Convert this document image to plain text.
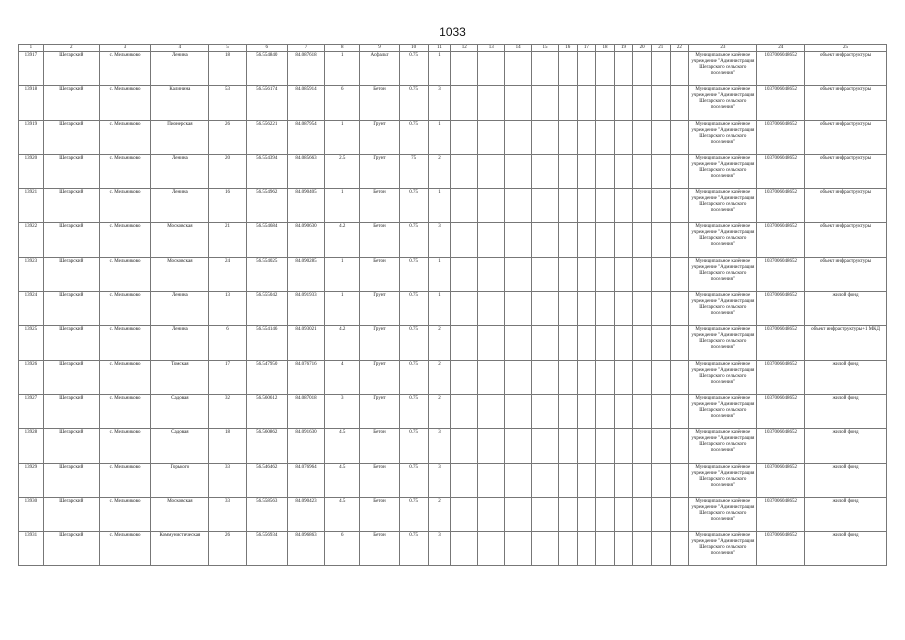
1033
1	2	3	4	5	6	7	8	9	10	11	12	13	14	15	16	17	18	19	20	21	22	23	24	25
13917	Шегарский	с. Мельниково	Ленина	18	56.554840	84.087618	1	Асфальт	0.75	1												Муниципальное казённое учреждение "Администрация Шегарского сельского поселения"	1037006048652	объект инфраструктуры
13918	Шегарский	с. Мельниково	Калинина	53	56.556174	84.085914	6	Бетон	0.75	3												Муниципальное казённое учреждение "Администрация Шегарского сельского поселения"	1037006048652	объект инфраструктуры
13919	Шегарский	с. Мельниково	Пионерская	26	56.556221	84.087954	1	Грунт	0.75	1												Муниципальное казённое учреждение "Администрация Шегарского сельского поселения"	1037006048652	объект инфраструктуры
13920	Шегарский	с. Мельниково	Ленина	20	56.554394	84.085663	2.5	Грунт	75	2												Муниципальное казённое учреждение "Администрация Шегарского сельского поселения"	1037006048652	объект инфраструктуры
13921	Шегарский	с. Мельниково	Ленина	16	56.554962	84.090405	1	Бетон	0.75	1												Муниципальное казённое учреждение "Администрация Шегарского сельского поселения"	1037006048652	объект инфраструктуры
13922	Шегарский	с. Мельниково	Московская	21	56.554684	84.090630	4.2	Бетон	0.75	3												Муниципальное казённое учреждение "Администрация Шегарского сельского поселения"	1037006048652	объект инфраструктуры
13923	Шегарский	с. Мельниково	Московская	24	56.554025	84.090285	1	Бетон	0.75	1												Муниципальное казённое учреждение "Администрация Шегарского сельского поселения"	1037006048652	объект инфраструктуры
13924	Шегарский	с. Мельниково	Ленина	13	56.555042	84.091933	1	Грунт	0.75	1												Муниципальное казённое учреждение "Администрация Шегарского сельского поселения"	1037006048652	жилой фонд
13925	Шегарский	с. Мельниково	Ленина	6	56.554146	84.093021	4.2	Грунт	0.75	2												Муниципальное казённое учреждение "Администрация Шегарского сельского поселения"	1037006048652	объект инфраструктуры+1 МКД
13926	Шегарский	с. Мельниково	Томская	17	56.547950	84.076716	4	Грунт	0.75	2												Муниципальное казённое учреждение "Администрация Шегарского сельского поселения"	1037006048652	жилой фонд
13927	Шегарский	с. Мельниково	Садовая	32	56.560612	84.087018	3	Грунт	0.75	2												Муниципальное казённое учреждение "Администрация Шегарского сельского поселения"	1037006048652	жилой фонд
13928	Шегарский	с. Мельниково	Садовая	18	56.560862	84.091630	4.5	Бетон	0.75	3												Муниципальное казённое учреждение "Администрация Шегарского сельского поселения"	1037006048652	жилой фонд
13929	Шегарский	с. Мельниково	Горького	33	56.546462	84.076964	4.5	Бетон	0.75	3												Муниципальное казённое учреждение "Администрация Шегарского сельского поселения"	1037006048652	жилой фонд
13930	Шегарский	с. Мельниково	Московская	33	56.558563	84.090423	4.5	Бетон	0.75	2												Муниципальное казённое учреждение "Администрация Шегарского сельского поселения"	1037006048652	жилой фонд
13931	Шегарский	с. Мельниково	Коммунистическая	26	56.556934	84.096863	6	Бетон	0.75	3												Муниципальное казённое учреждение "Администрация Шегарского сельского поселения"	1037006048652	жилой фонд
